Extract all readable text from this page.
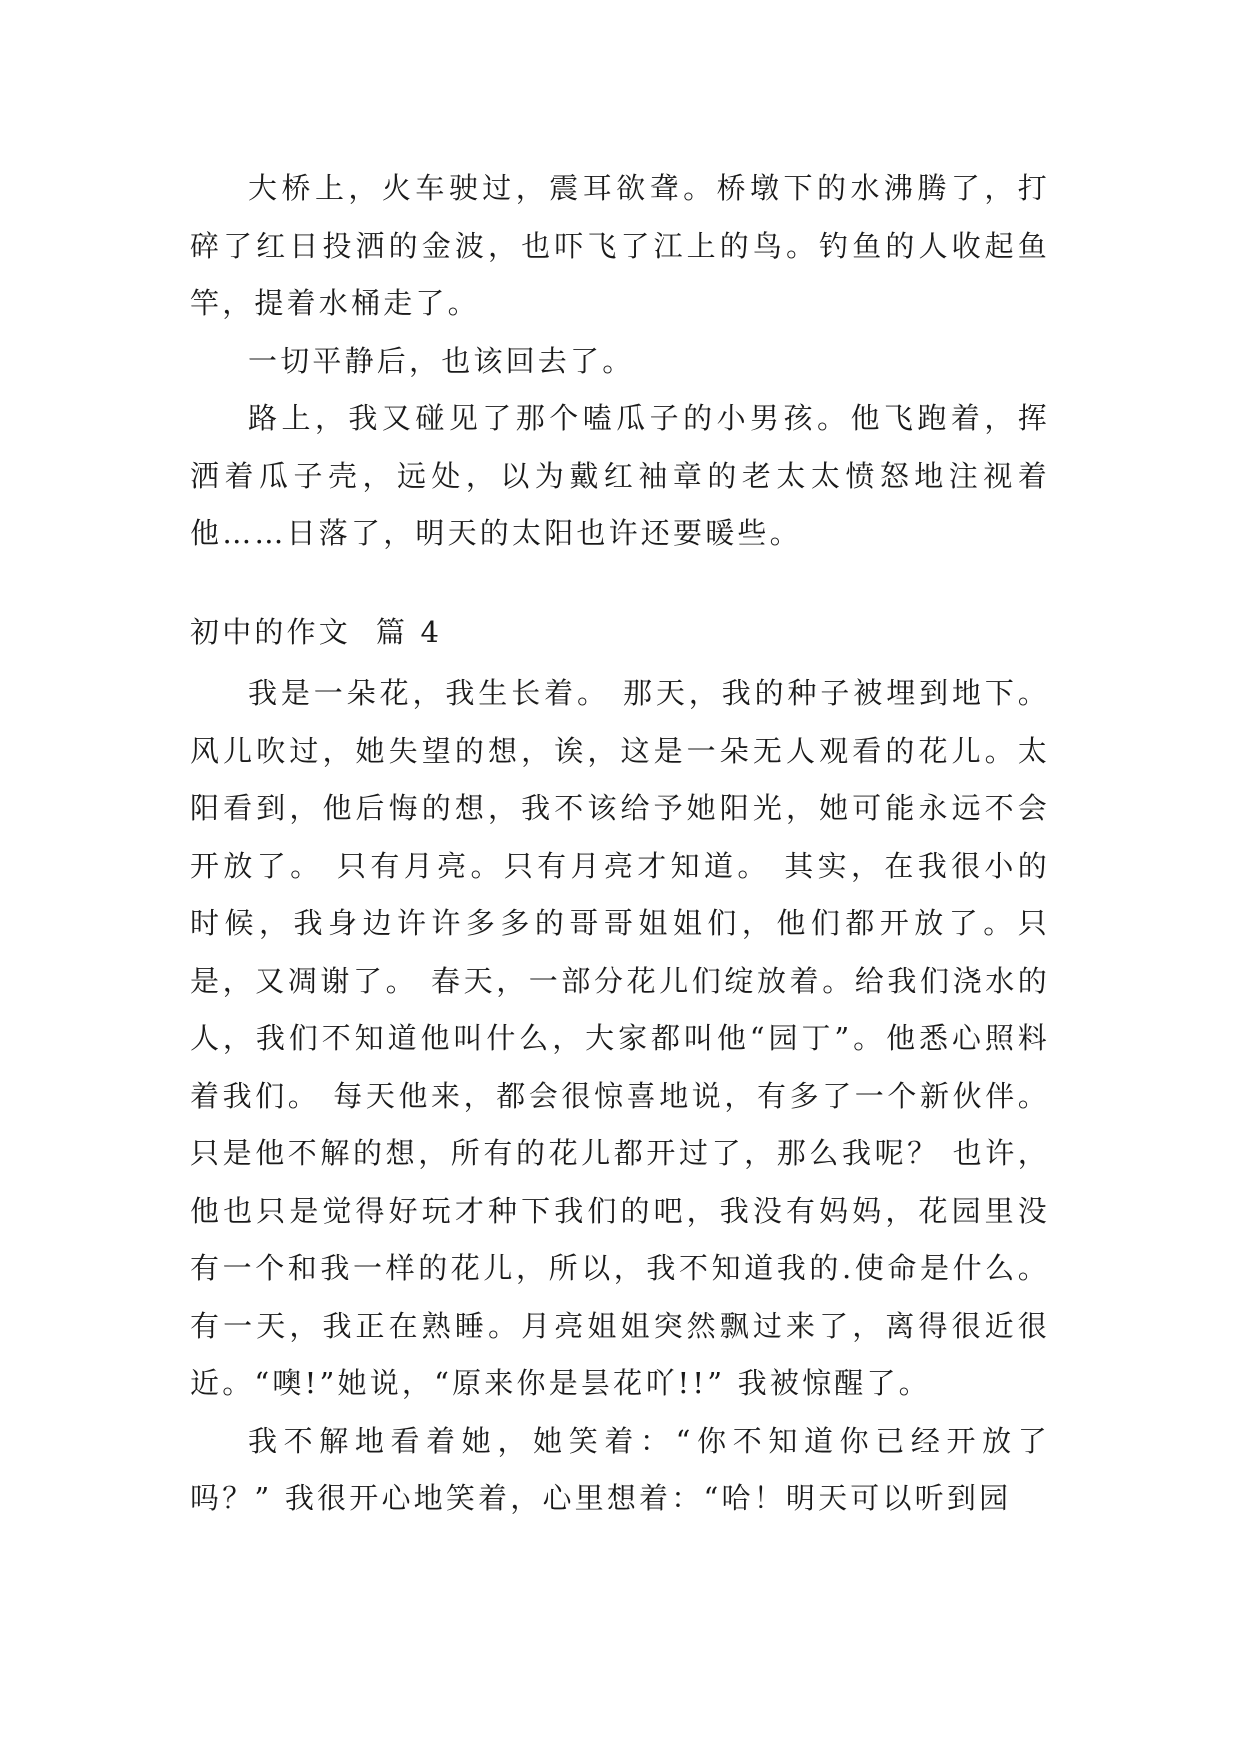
大桥上，火车驶过，震耳欲聋。桥墩下的水沸腾了，打碎了红日投洒的金波，也吓飞了江上的鸟。钓鱼的人收起鱼竿，提着水桶走了。

一切平静后，也该回去了。

路上，我又碰见了那个嗑瓜子的小男孩。他飞跑着，挥洒着瓜子壳，远处，以为戴红袖章的老太太愤怒地注视着他……日落了，明天的太阳也许还要暖些。

初中的作文  篇 4

我是一朵花，我生长着。 那天，我的种子被埋到地下。风儿吹过，她失望的想，诶，这是一朵无人观看的花儿。太阳看到，他后悔的想，我不该给予她阳光，她可能永远不会开放了。 只有月亮。只有月亮才知道。 其实，在我很小的时候，我身边许许多多的哥哥姐姐们，他们都开放了。只是，又凋谢了。 春天，一部分花儿们绽放着。给我们浇水的人，我们不知道他叫什么，大家都叫他“园丁”。他悉心照料着我们。 每天他来，都会很惊喜地说，有多了一个新伙伴。只是他不解的想，所有的花儿都开过了，那么我呢？ 也许，他也只是觉得好玩才种下我们的吧，我没有妈妈，花园里没有一个和我一样的花儿，所以，我不知道我的.使命是什么。有一天，我正在熟睡。月亮姐姐突然飘过来了，离得很近很近。“噢!”她说，“原来你是昙花吖!!” 我被惊醒了。

我不解地看着她，她笑着：“你不知道你已经开放了吗？” 我很开心地笑着，心里想着：“哈！明天可以听到园
